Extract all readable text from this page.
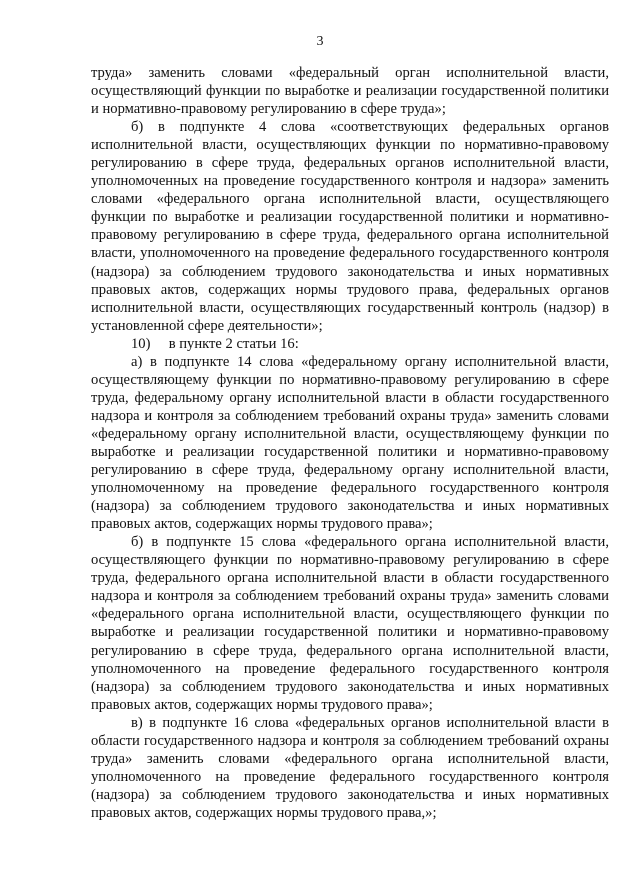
3

труда» заменить словами «федеральный орган исполнительной власти, осуществляющий функции по выработке и реализации государственной политики и нормативно-правовому регулированию в сфере труда»;

б) в подпункте 4 слова «соответствующих федеральных органов исполнительной власти, осуществляющих функции по нормативно-правовому регулированию в сфере труда, федеральных органов исполнительной власти, уполномоченных на проведение государственного контроля и надзора» заменить словами «федерального органа исполнительной власти, осуществляющего функции по выработке и реализации государственной политики и нормативно-правовому регулированию в сфере труда, федерального органа исполнительной власти, уполномоченного на проведение федерального государственного контроля (надзора) за соблюдением трудового законодательства и иных нормативных правовых актов, содержащих нормы трудового права, федеральных органов исполнительной власти, осуществляющих государственный контроль (надзор) в установленной сфере деятельности»;

10)     в пункте 2 статьи 16:

а) в подпункте 14 слова «федеральному органу исполнительной власти, осуществляющему функции по нормативно-правовому регулированию в сфере труда, федеральному органу исполнительной власти в области государственного надзора и контроля за соблюдением требований охраны труда» заменить словами «федеральному органу исполнительной власти, осуществляющему функции по выработке и реализации государственной политики и нормативно-правовому регулированию в сфере труда, федеральному органу исполнительной власти, уполномоченному на проведение федерального государственного контроля (надзора) за соблюдением трудового законодательства и иных нормативных правовых актов, содержащих нормы трудового права»;

б) в подпункте 15 слова «федерального органа исполнительной власти, осуществляющего функции по нормативно-правовому регулированию в сфере труда, федерального органа исполнительной власти в области государственного надзора и контроля за соблюдением требований охраны труда» заменить словами «федерального органа исполнительной власти, осуществляющего функции по выработке и реализации государственной политики и нормативно-правовому регулированию в сфере труда, федерального органа исполнительной власти, уполномоченного на проведение федерального государственного контроля (надзора) за соблюдением трудового законодательства и иных нормативных правовых актов, содержащих нормы трудового права»;

в) в подпункте 16 слова «федеральных органов исполнительной власти в области государственного надзора и контроля за соблюдением требований охраны труда» заменить словами «федерального органа исполнительной власти, уполномоченного на проведение федерального государственного контроля (надзора) за соблюдением трудового законодательства и иных нормативных правовых актов, содержащих нормы трудового права,»;
